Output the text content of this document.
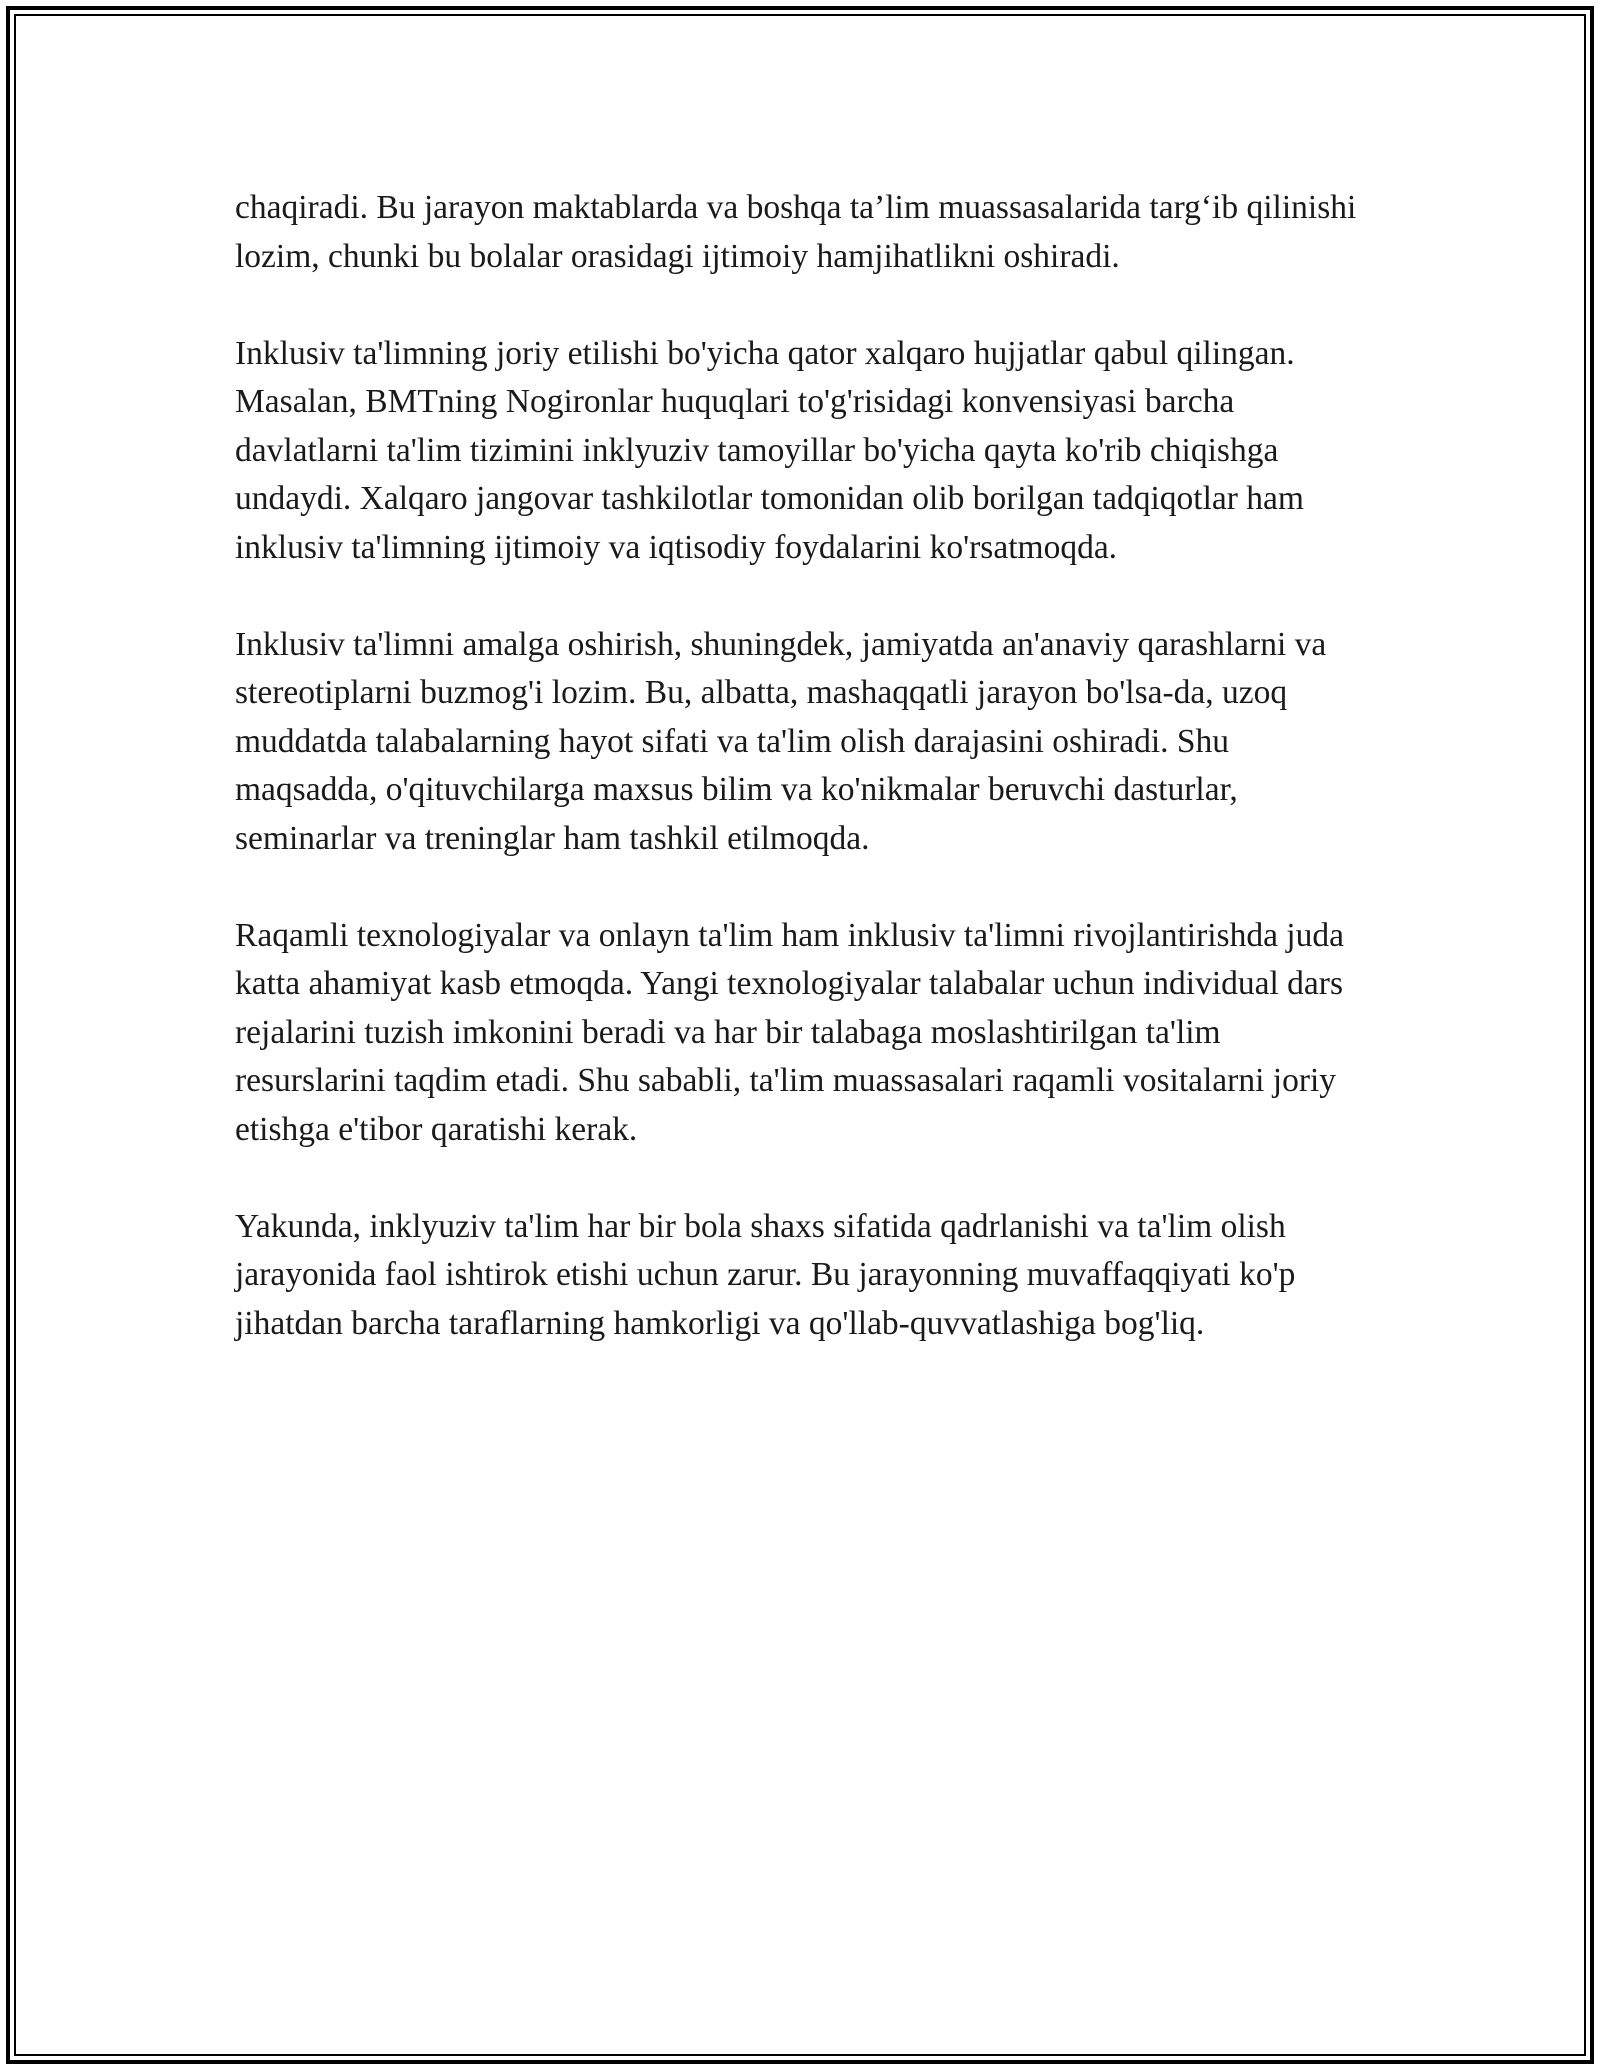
chaqiradi. Bu jarayon maktablarda va boshqa ta’lim muassasalarida targ‘ib qilinishi lozim, chunki bu bolalar orasidagi ijtimoiy hamjihatlikni oshiradi.

Inklusiv ta'limning joriy etilishi bo'yicha qator xalqaro hujjatlar qabul qilingan. Masalan, BMTning Nogironlar huquqlari to'g'risidagi konvensiyasi barcha davlatlarni ta'lim tizimini inklyuziv tamoyillar bo'yicha qayta ko'rib chiqishga undaydi. Xalqaro jangovar tashkilotlar tomonidan olib borilgan tadqiqotlar ham inklusiv ta'limning ijtimoiy va iqtisodiy foydalarini ko'rsatmoqda.

Inklusiv ta'limni amalga oshirish, shuningdek, jamiyatda an'anaviy qarashlarni va stereotiplarni buzmog'i lozim. Bu, albatta, mashaqqatli jarayon bo'lsa-da, uzoq muddatda talabalarning hayot sifati va ta'lim olish darajasini oshiradi. Shu maqsadda, o'qituvchilarga maxsus bilim va ko'nikmalar beruvchi dasturlar, seminarlar va treninglar ham tashkil etilmoqda.

Raqamli texnologiyalar va onlayn ta'lim ham inklusiv ta'limni rivojlantirishda juda katta ahamiyat kasb etmoqda. Yangi texnologiyalar talabalar uchun individual dars rejalarini tuzish imkonini beradi va har bir talabaga moslashtirilgan ta'lim resurslarini taqdim etadi. Shu sababli, ta'lim muassasalari raqamli vositalarni joriy etishga e'tibor qaratishi kerak.

Yakunda, inklyuziv ta'lim har bir bola shaxs sifatida qadrlanishi va ta'lim olish jarayonida faol ishtirok etishi uchun zarur. Bu jarayonning muvaffaqqiyati ko'p jihatdan barcha taraflarning hamkorligi va qo'llab-quvvatlashiga bog'liq.
